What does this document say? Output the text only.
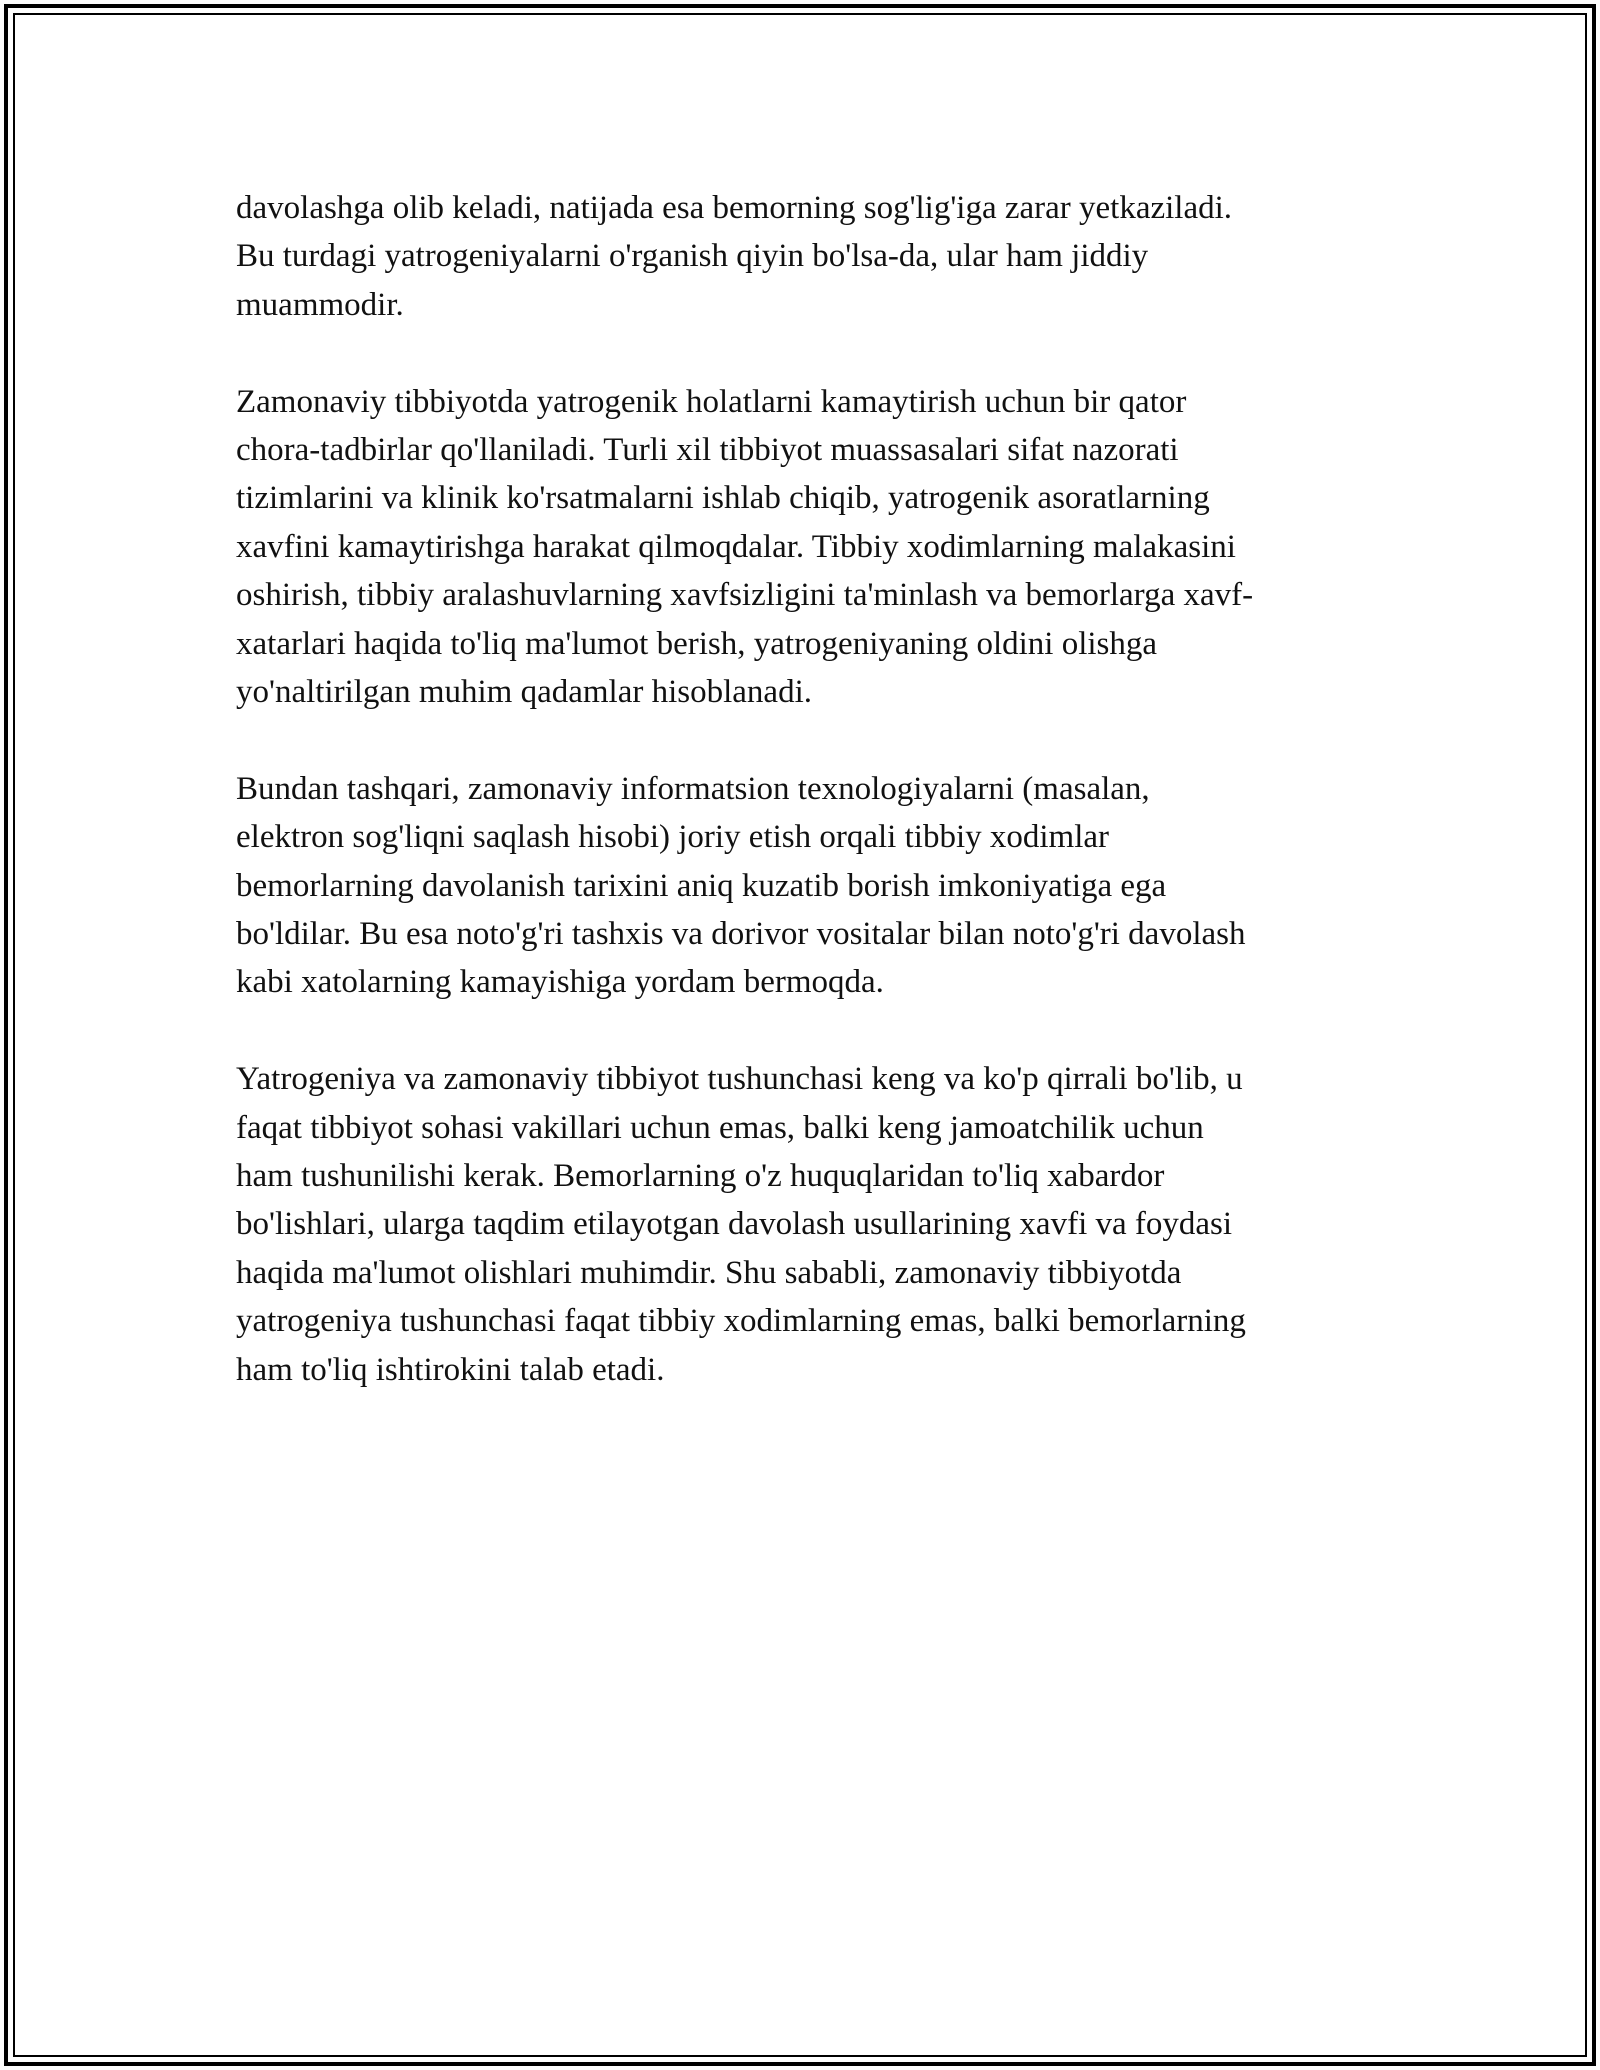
davolashga olib keladi, natijada esa bemorning sog'lig'iga zarar yetkaziladi.
Bu turdagi yatrogeniyalarni o'rganish qiyin bo'lsa-da, ular ham jiddiy
muammodir.

Zamonaviy tibbiyotda yatrogenik holatlarni kamaytirish uchun bir qator
chora-tadbirlar qo'llaniladi. Turli xil tibbiyot muassasalari sifat nazorati
tizimlarini va klinik ko'rsatmalarni ishlab chiqib, yatrogenik asoratlarning
xavfini kamaytirishga harakat qilmoqdalar. Tibbiy xodimlarning malakasini
oshirish, tibbiy aralashuvlarning xavfsizligini ta'minlash va bemorlarga xavf-
xatarlari haqida to'liq ma'lumot berish, yatrogeniyaning oldini olishga
yo'naltirilgan muhim qadamlar hisoblanadi.

Bundan tashqari, zamonaviy informatsion texnologiyalarni (masalan,
elektron sog'liqni saqlash hisobi) joriy etish orqali tibbiy xodimlar
bemorlarning davolanish tarixini aniq kuzatib borish imkoniyatiga ega
bo'ldilar. Bu esa noto'g'ri tashxis va dorivor vositalar bilan noto'g'ri davolash
kabi xatolarning kamayishiga yordam bermoqda.

Yatrogeniya va zamonaviy tibbiyot tushunchasi keng va ko'p qirrali bo'lib, u
faqat tibbiyot sohasi vakillari uchun emas, balki keng jamoatchilik uchun
ham tushunilishi kerak. Bemorlarning o'z huquqlaridan to'liq xabardor
bo'lishlari, ularga taqdim etilayotgan davolash usullarining xavfi va foydasi
haqida ma'lumot olishlari muhimdir. Shu sababli, zamonaviy tibbiyotda
yatrogeniya tushunchasi faqat tibbiy xodimlarning emas, balki bemorlarning
ham to'liq ishtirokini talab etadi.
